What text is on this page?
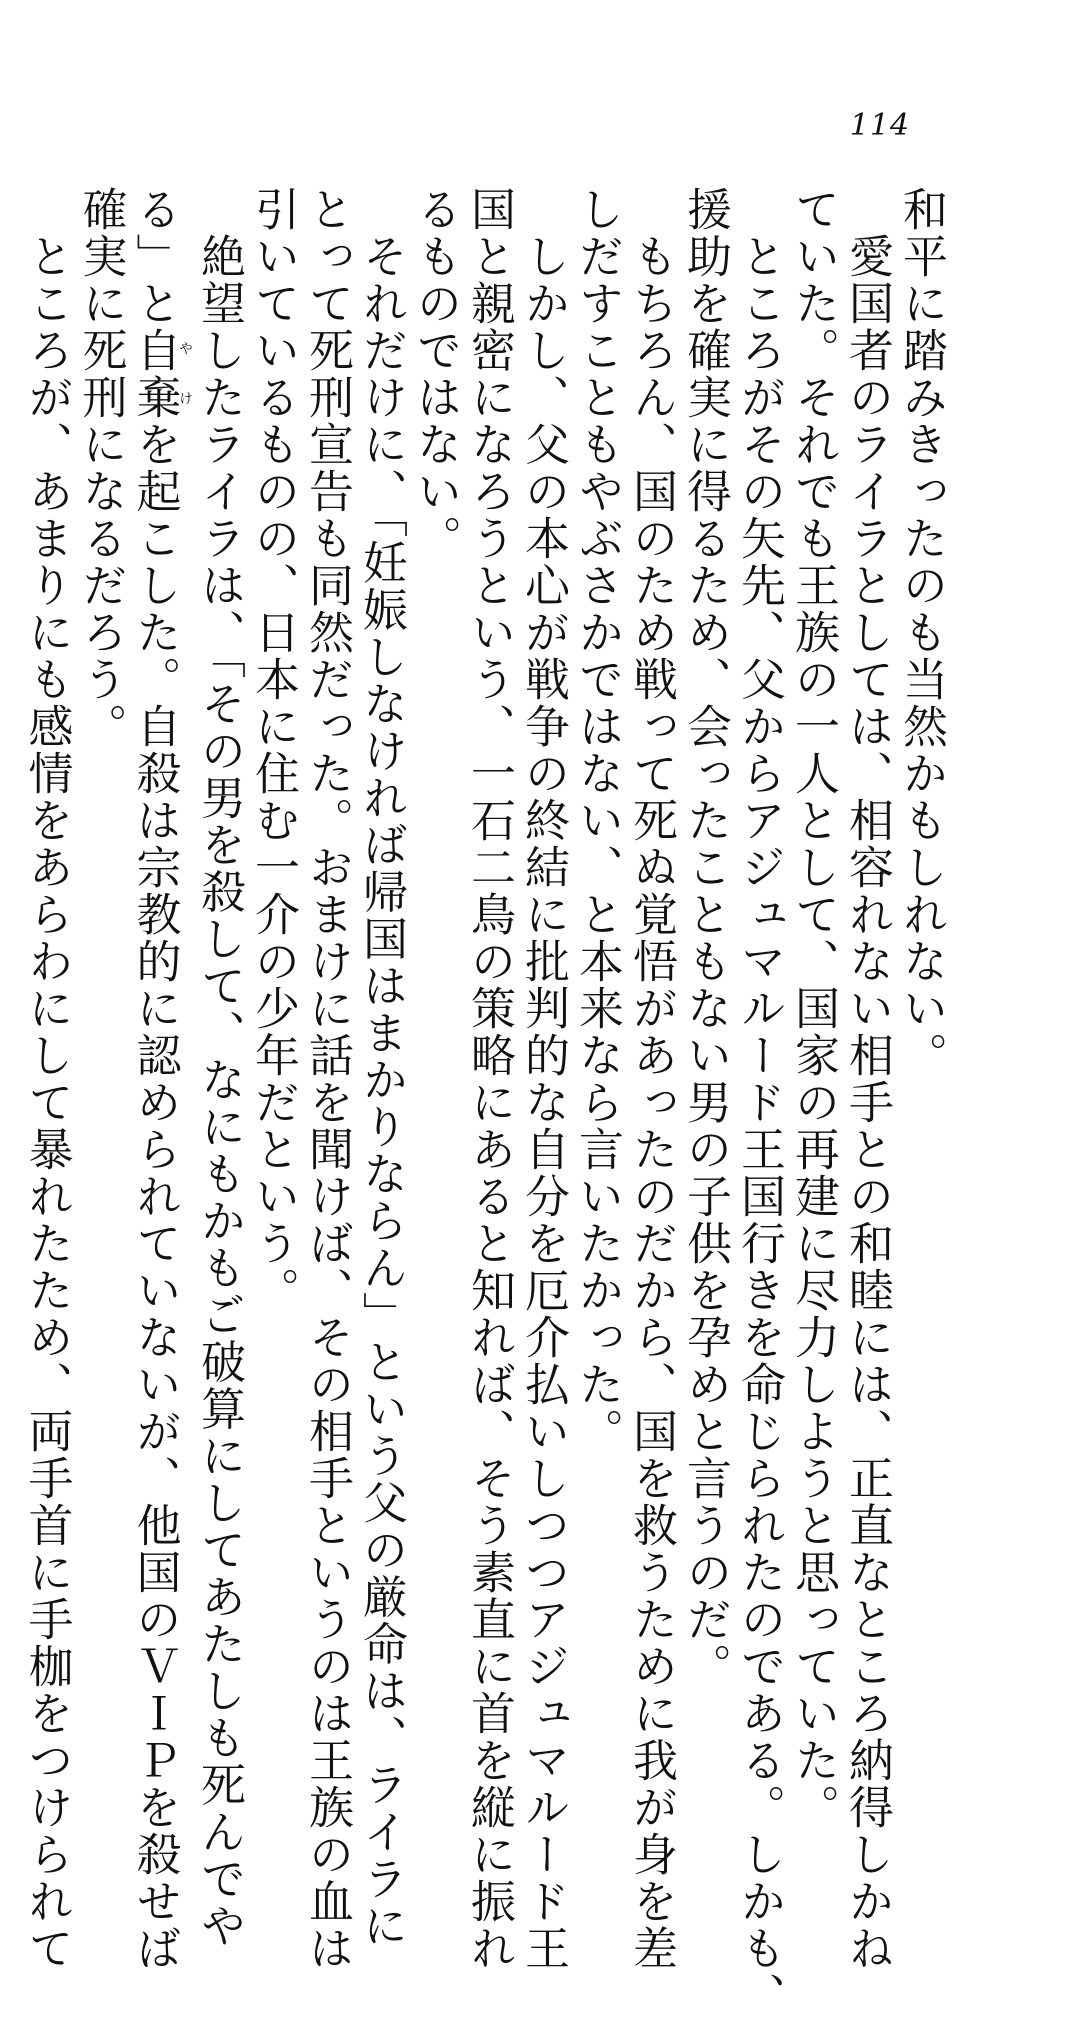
114
和平に踏みきったのも当然かもしれない。
　愛国者のライラとしては、相容れない相手との和睦には、正直なところ納得しかね
ていた。それでも王族の一人として、国家の再建に尽力しようと思っていた。
　ところがその矢先、父からアジュマルード王国行きを命じられたのである。しかも、
援助を確実に得るため、会ったこともない男の子供を孕めと言うのだ。
　もちろん、国のため戦って死ぬ覚悟があったのだから、国を救うために我が身を差
しだすこともやぶさかではない、と本来なら言いたかった。
　しかし、父の本心が戦争の終結に批判的な自分を厄介払いしつつアジュマルード王
国と親密になろうという、一石二鳥の策略にあると知れば、そう素直に首を縦に振れ
るものではない。
　それだけに、「妊娠しなければ帰国はまかりならん」という父の厳命は、ライラに
とって死刑宣告も同然だった。おまけに話を聞けば、その相手というのは王族の血は
引いているものの、日本に住む一介の少年だという。
　絶望したライラは、「その男を殺して、なにもかもご破算にしてあたしも死んでや
る」と自棄やけを起こした。自殺は宗教的に認められていないが、他国のＶＩＰを殺せば
確実に死刑になるだろう。
　ところが、あまりにも感情をあらわにして暴れたため、両手首に手枷をつけられて
